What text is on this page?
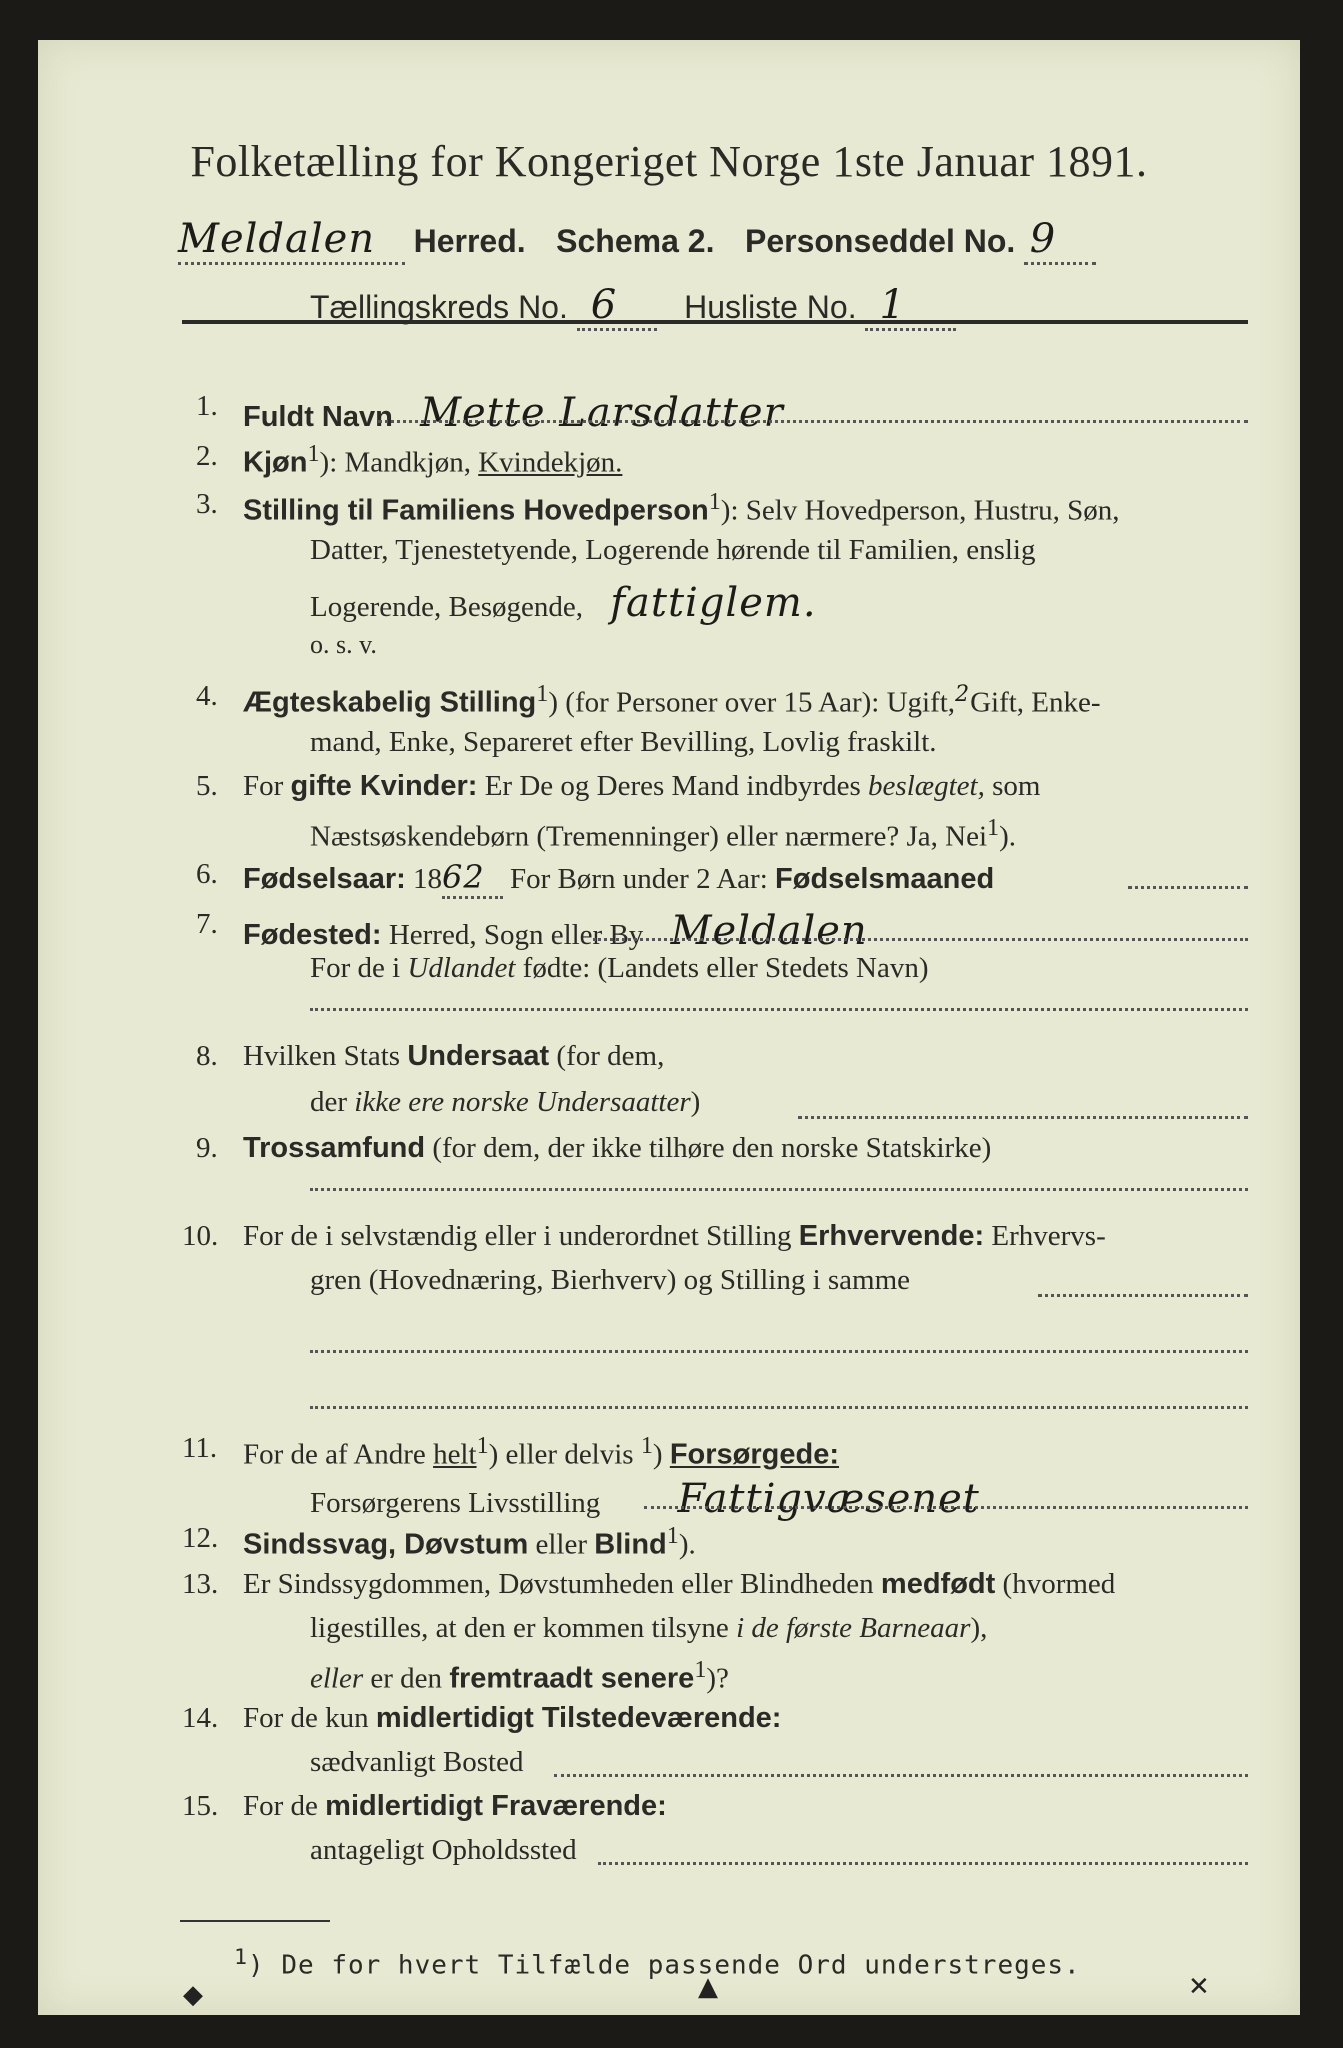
Folketælling for Kongeriget Norge 1ste Januar 1891.
Meldalen Herred. Schema 2. Personseddel No. 9
Tællingskreds No. 6 Husliste No. 1
1. Fuldt Navn Mette Larsdatter
2. Kjøn$^1$): Mandkjøn, Kvindekjøn.
3. Stilling til Familiens Hovedperson$^1$): Selv Hovedperson, Hustru, Søn,
Datter, Tjenestetyende, Logerende hørende til Familien, enslig
Logerende, Besøgende, fattiglem.
o. s. v.
4. Ægteskabelig Stilling$^1$) (for Personer over 15 Aar): Ugift,$^2$Gift, Enke-
mand, Enke, Separeret efter Bevilling, Lovlig fraskilt.
5. For gifte Kvinder: Er De og Deres Mand indbyrdes beslægtet, som
Næstsøskendebørn (Tremenninger) eller nærmere? Ja, Nei$^1$).
6. Fødselsaar: 1862 For Børn under 2 Aar: Fødselsmaaned
7. Fødested: Herred, Sogn eller By Meldalen
For de i Udlandet fødte: (Landets eller Stedets Navn)
8. Hvilken Stats Undersaat (for dem,
der ikke ere norske Undersaatter)
9. Trossamfund (for dem, der ikke tilhøre den norske Statskirke)
10. For de i selvstændig eller i underordnet Stilling Erhvervende: Erhvervs-
gren (Hovednæring, Bierhverv) og Stilling i samme
11. For de af Andre helt$^1$) eller delvis $^1$) Forsørgede:
Forsørgerens Livsstilling Fattigvæsenet
12. Sindssvag, Døvstum eller Blind$^1$).
13. Er Sindssygdommen, Døvstumheden eller Blindheden medfødt (hvormed
ligestilles, at den er kommen tilsyne i de første Barneaar),
eller er den fremtraadt senere$^1$)?
14. For de kun midlertidigt Tilstedeværende:
sædvanligt Bosted
15. For de midlertidigt Fraværende:
antageligt Opholdssted
$^1$) De for hvert Tilfælde passende Ord understreges.
◆	▲	✕
